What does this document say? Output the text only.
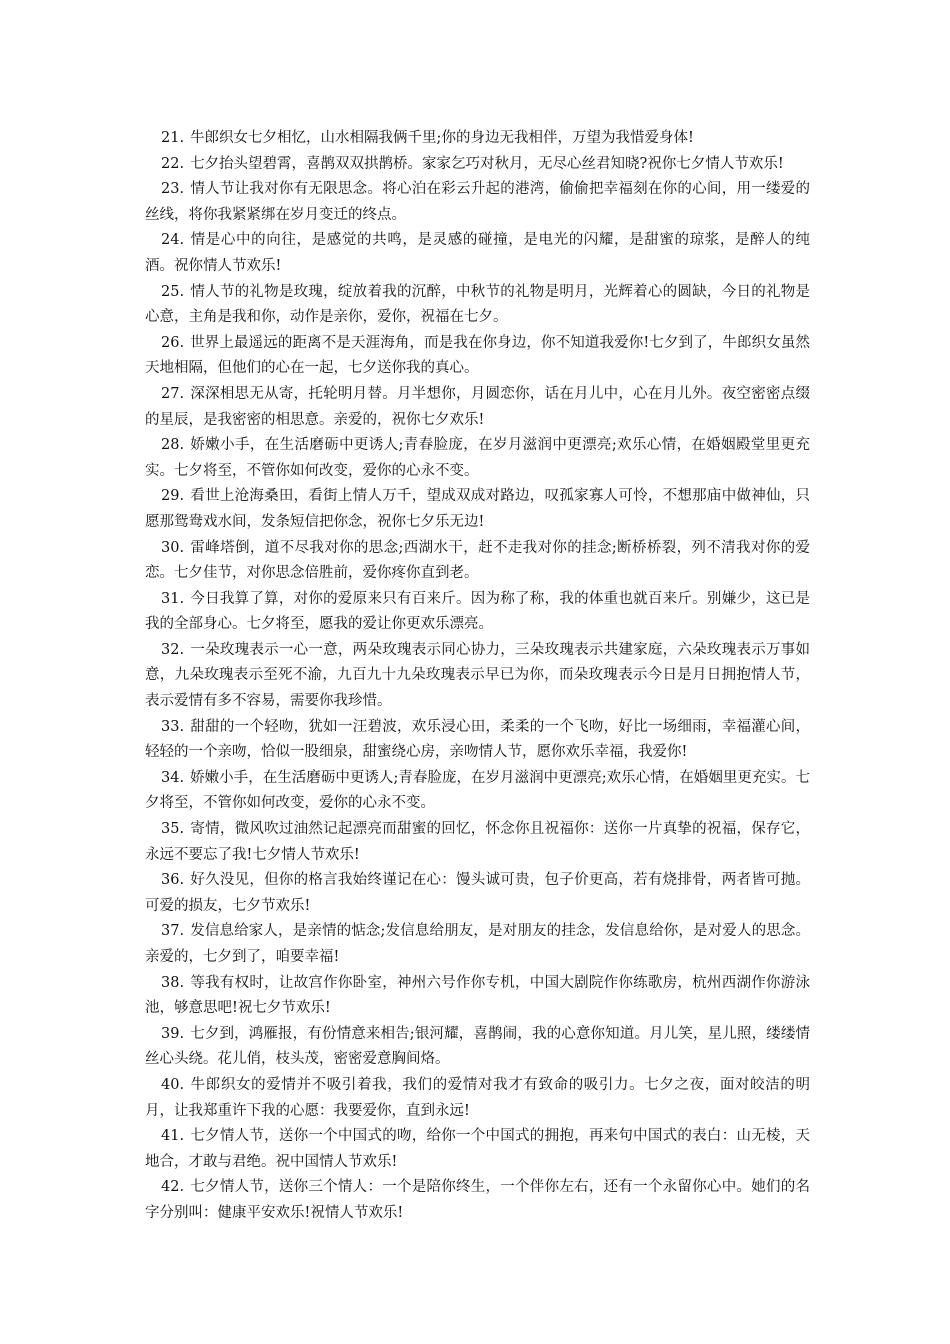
21. 牛郎织女七夕相忆，山水相隔我俩千里;你的身边无我相伴，万望为我惜爱身体!

22. 七夕抬头望碧霄，喜鹊双双拱鹊桥。家家乞巧对秋月，无尽心丝君知晓?祝你七夕情人节欢乐!

23. 情人节让我对你有无限思念。将心泊在彩云升起的港湾，偷偷把幸福刻在你的心间，用一缕爱的丝线，将你我紧紧绑在岁月变迁的终点。

24. 情是心中的向往，是感觉的共鸣，是灵感的碰撞，是电光的闪耀，是甜蜜的琼浆，是醉人的纯酒。祝你情人节欢乐!

25. 情人节的礼物是玫瑰，绽放着我的沉醉，中秋节的礼物是明月，光辉着心的圆缺，今日的礼物是心意，主角是我和你，动作是亲你，爱你，祝福在七夕。

26. 世界上最遥远的距离不是天涯海角，而是我在你身边，你不知道我爱你!七夕到了，牛郎织女虽然天地相隔，但他们的心在一起，七夕送你我的真心。

27. 深深相思无从寄，托轮明月替。月半想你，月圆恋你，话在月儿中，心在月儿外。夜空密密点缀的星辰，是我密密的相思意。亲爱的，祝你七夕欢乐!

28. 娇嫩小手，在生活磨砺中更诱人;青春脸庞，在岁月滋润中更漂亮;欢乐心情，在婚姻殿堂里更充实。七夕将至，不管你如何改变，爱你的心永不变。

29. 看世上沧海桑田，看街上情人万千，望成双成对路边，叹孤家寡人可怜，不想那庙中做神仙，只愿那鸳鸯戏水间，发条短信把你念，祝你七夕乐无边!

30. 雷峰塔倒，道不尽我对你的思念;西湖水干，赶不走我对你的挂念;断桥桥裂，列不清我对你的爱恋。七夕佳节，对你思念倍胜前，爱你疼你直到老。

31. 今日我算了算，对你的爱原来只有百来斤。因为称了称，我的体重也就百来斤。别嫌少，这已是我的全部身心。七夕将至，愿我的爱让你更欢乐漂亮。

32. 一朵玫瑰表示一心一意，两朵玫瑰表示同心协力，三朵玫瑰表示共建家庭，六朵玫瑰表示万事如意，九朵玫瑰表示至死不渝，九百九十九朵玫瑰表示早已为你，而朵玫瑰表示今日是月日拥抱情人节，表示爱情有多不容易，需要你我珍惜。

33. 甜甜的一个轻吻，犹如一汪碧波，欢乐浸心田，柔柔的一个飞吻，好比一场细雨，幸福灌心间，轻轻的一个亲吻，恰似一股细泉，甜蜜绕心房，亲吻情人节，愿你欢乐幸福，我爱你!

34. 娇嫩小手，在生活磨砺中更诱人;青春脸庞，在岁月滋润中更漂亮;欢乐心情，在婚姻里更充实。七夕将至，不管你如何改变，爱你的心永不变。

35. 寄情，微风吹过油然记起漂亮而甜蜜的回忆，怀念你且祝福你：送你一片真挚的祝福，保存它，永远不要忘了我!七夕情人节欢乐!

36. 好久没见，但你的格言我始终谨记在心：馒头诚可贵，包子价更高，若有烧排骨，两者皆可抛。可爱的损友，七夕节欢乐!

37. 发信息给家人，是亲情的惦念;发信息给朋友，是对朋友的挂念，发信息给你，是对爱人的思念。亲爱的，七夕到了，咱要幸福!

38. 等我有权时，让故宫作你卧室，神州六号作你专机，中国大剧院作你练歌房，杭州西湖作你游泳池，够意思吧!祝七夕节欢乐!

39. 七夕到，鸿雁报，有份情意来相告;银河耀，喜鹊闹，我的心意你知道。月儿笑，星儿照，缕缕情丝心头绕。花儿俏，枝头茂，密密爱意胸间烙。

40. 牛郎织女的爱情并不吸引着我，我们的爱情对我才有致命的吸引力。七夕之夜，面对皎洁的明月，让我郑重许下我的心愿：我要爱你，直到永远!

41. 七夕情人节，送你一个中国式的吻，给你一个中国式的拥抱，再来句中国式的表白：山无棱，天地合，才敢与君绝。祝中国情人节欢乐!

42. 七夕情人节，送你三个情人：一个是陪你终生，一个伴你左右，还有一个永留你心中。她们的名字分别叫：健康平安欢乐!祝情人节欢乐!
